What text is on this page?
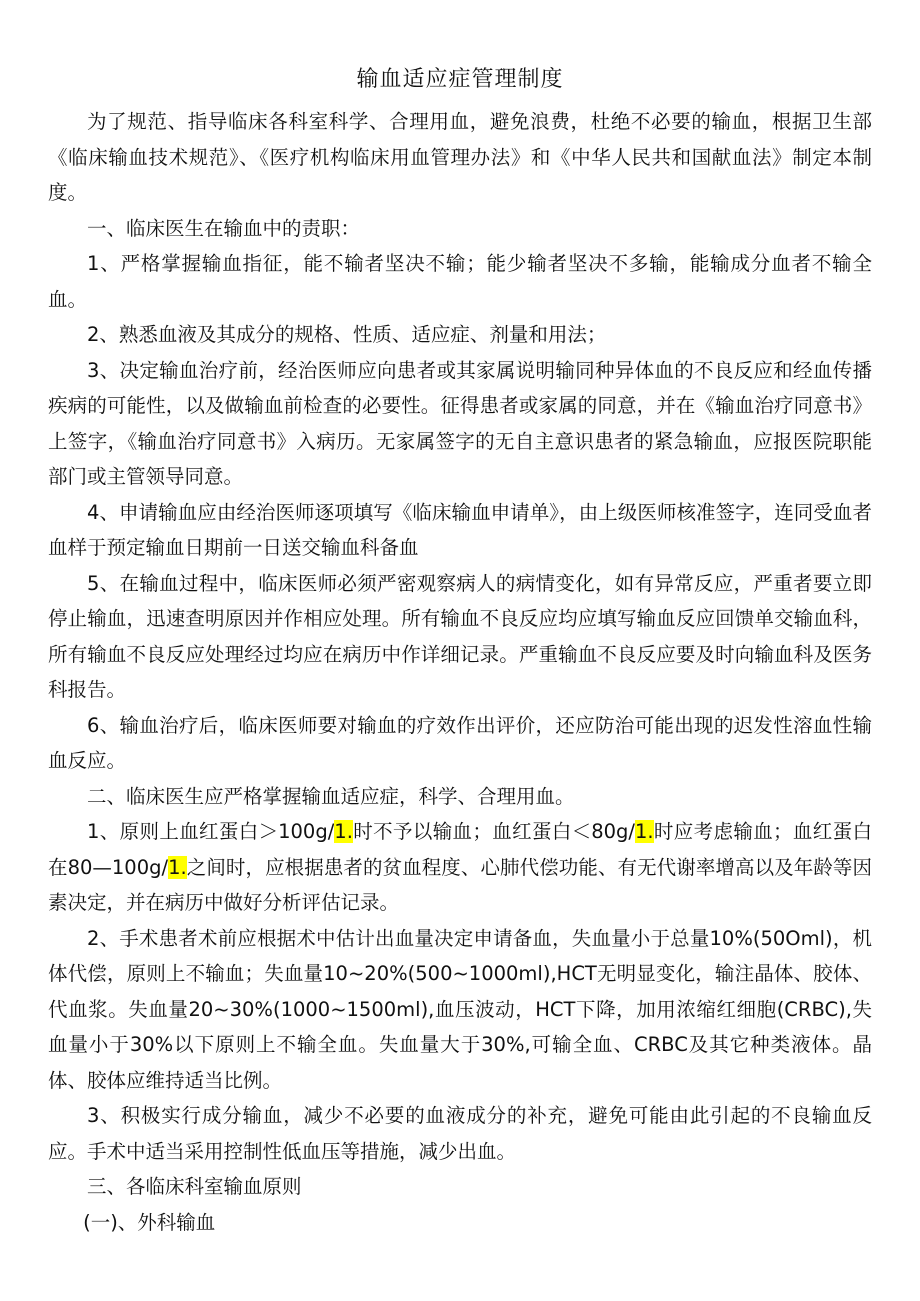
输血适应症管理制度

为了规范、指导临床各科室科学、合理用血，避免浪费，杜绝不必要的输血，根据卫生部《临床输血技术规范》、《医疗机构临床用血管理办法》和《中华人民共和国献血法》制定本制度。

一、临床医生在输血中的责职：

1、严格掌握输血指征，能不输者坚决不输；能少输者坚决不多输，能输成分血者不输全血。

2、熟悉血液及其成分的规格、性质、适应症、剂量和用法；

3、决定输血治疗前，经治医师应向患者或其家属说明输同种异体血的不良反应和经血传播疾病的可能性，以及做输血前检查的必要性。征得患者或家属的同意，并在《输血治疗同意书》上签字，《输血治疗同意书》入病历。无家属签字的无自主意识患者的紧急输血，应报医院职能部门或主管领导同意。

4、申请输血应由经治医师逐项填写《临床输血申请单》，由上级医师核准签字，连同受血者血样于预定输血日期前一日送交输血科备血

5、在输血过程中，临床医师必须严密观察病人的病情变化，如有异常反应，严重者要立即停止输血，迅速查明原因并作相应处理。所有输血不良反应均应填写输血反应回馈单交输血科，所有输血不良反应处理经过均应在病历中作详细记录。严重输血不良反应要及时向输血科及医务科报告。

6、输血治疗后，临床医师要对输血的疗效作出评价，还应防治可能出现的迟发性溶血性输血反应。

二、临床医生应严格掌握输血适应症，科学、合理用血。

1、原则上血红蛋白＞100g/1.时不予以输血；血红蛋白＜80g/1.时应考虑输血；血红蛋白在80—100g/1.之间时，应根据患者的贫血程度、心肺代偿功能、有无代谢率增高以及年龄等因素决定，并在病历中做好分析评估记录。

2、手术患者术前应根据术中估计出血量决定申请备血，失血量小于总量10%(50Oml)，机体代偿，原则上不输血；失血量10~20%(500~1000ml),HCT无明显变化，输注晶体、胶体、代血浆。失血量20~30%(1000~1500ml),血压波动，HCT下降，加用浓缩红细胞(CRBC),失血量小于30%以下原则上不输全血。失血量大于30%,可输全血、CRBC及其它种类液体。晶体、胶体应维持适当比例。

3、积极实行成分输血，减少不必要的血液成分的补充，避免可能由此引起的不良输血反应。手术中适当采用控制性低血压等措施，减少出血。

三、各临床科室输血原则

(一)、外科输血
